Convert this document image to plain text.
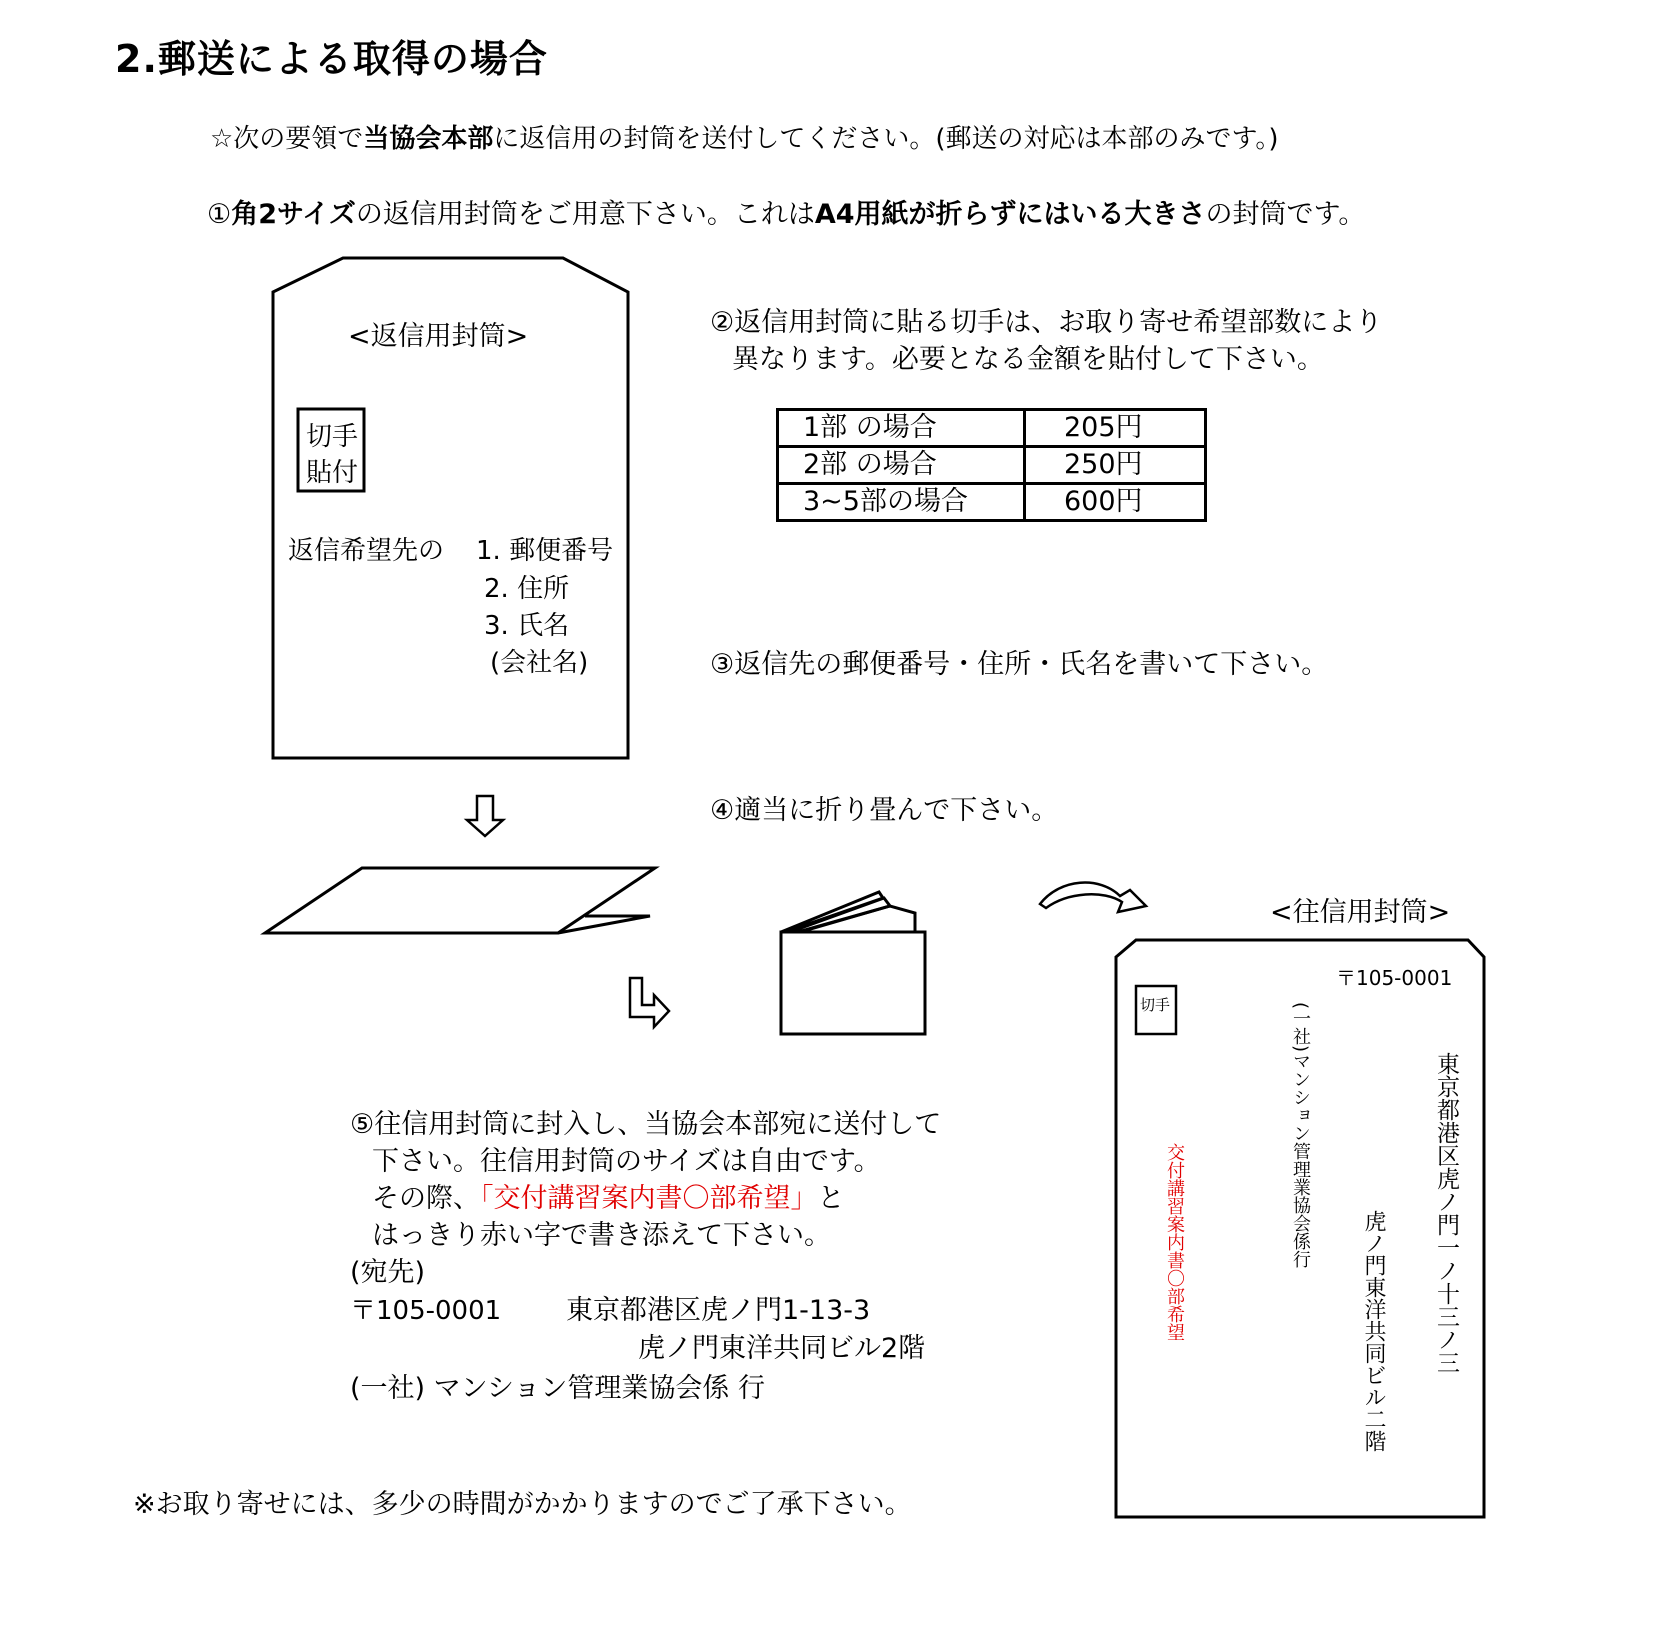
2.郵送による取得の場合
☆次の要領で当協会本部に返信用の封筒を送付してください。(郵送の対応は本部のみです。)
①角2サイズの返信用封筒をご用意下さい。これはA4用紙が折らずにはいる大きさの封筒です。
<返信用封筒>
切手
貼付
返信希望先の 1. 郵便番号
2. 住所
3. 氏名
(会社名)
②返信用封筒に貼る切手は、お取り寄せ希望部数により
異なります。必要となる金額を貼付して下さい。
1部 の場合	205円
2部 の場合	250円
3~5部の場合	600円
③返信先の郵便番号・住所・氏名を書いて下さい。
④適当に折り畳んで下さい。
<往信用封筒>
切手
〒105-0001
東京都港区虎ノ門一ノ十三ノ三
虎ノ門東洋共同ビル二階
(一社)マンション管理業協会係行
交付講習案内書〇部希望
⑤往信用封筒に封入し、当協会本部宛に送付して
下さい。往信用封筒のサイズは自由です。
その際、「交付講習案内書〇部希望」と
はっきり赤い字で書き添えて下さい。
(宛先)
〒105-0001 東京都港区虎ノ門1-13-3
虎ノ門東洋共同ビル2階
(一社) マンション管理業協会係 行
※お取り寄せには、多少の時間がかかりますのでご了承下さい。
